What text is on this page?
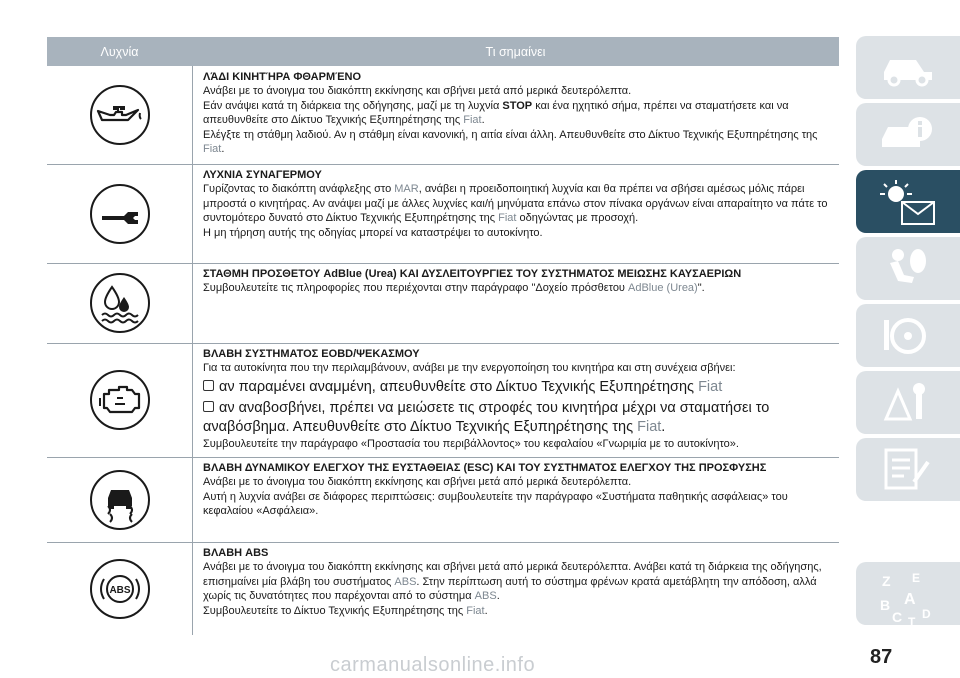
Λυχνία	Τι σημαίνει
ΛΆΔΙ ΚΙΝΗΤΉΡΑ ΦΘΑΡΜΈΝΟ
Ανάβει με το άνοιγμα του διακόπτη εκκίνησης και σβήνει μετά από μερικά δευτερόλεπτα.
Εάν ανάψει κατά τη διάρκεια της οδήγησης, μαζί με τη λυχνία STOP και ένα ηχητικό σήμα, πρέπει να σταματήσετε και να απευθυνθείτε στο Δίκτυο Τεχνικής Εξυπηρέτησης της Fiat.
Ελέγξτε τη στάθμη λαδιού. Αν η στάθμη είναι κανονική, η αιτία είναι άλλη. Απευθυνθείτε στο Δίκτυο Τεχνικής Εξυπηρέτησης της Fiat.
ΛΥΧΝΙΑ ΣΥΝΑΓΕΡΜΟΥ
Γυρίζοντας το διακόπτη ανάφλεξης στο MAR, ανάβει η προειδοποιητική λυχνία και θα πρέπει να σβήσει αμέσως μόλις πάρει μπροστά ο κινητήρας. Αν ανάψει μαζί με άλλες λυχνίες και/ή μηνύματα επάνω στον πίνακα οργάνων είναι απαραίτητο να πάτε το συντομότερο δυνατό στο Δίκτυο Τεχνικής Εξυπηρέτησης της Fiat οδηγώντας με προσοχή.
Η μη τήρηση αυτής της οδηγίας μπορεί να καταστρέψει το αυτοκίνητο.
ΣΤΑΘΜΗ ΠΡΟΣΘΕΤΟΥ AdBlue (Urea) ΚΑΙ ΔΥΣΛΕΙΤΟΥΡΓΙΕΣ ΤΟΥ ΣΥΣΤΗΜΑΤΟΣ ΜΕΙΩΣΗΣ ΚΑΥΣΑΕΡΙΩΝ
Συμβουλευτείτε τις πληροφορίες που περιέχονται στην παράγραφο "Δοχείο πρόσθετου AdBlue (Urea)".
ΒΛΑΒΗ ΣΥΣΤΗΜΑΤΟΣ EOBD/ΨΕΚΑΣΜΟΥ
Για τα αυτοκίνητα που την περιλαμβάνουν, ανάβει με την ενεργοποίηση του κινητήρα και στη συνέχεια σβήνει:
αν παραμένει αναμμένη, απευθυνθείτε στο Δίκτυο Τεχνικής Εξυπηρέτησης Fiat
αν αναβοσβήνει, πρέπει να μειώσετε τις στροφές του κινητήρα μέχρι να σταματήσει το αναβόσβημα. Απευθυνθείτε στο Δίκτυο Τεχνικής Εξυπηρέτησης της Fiat.
Συμβουλευτείτε την παράγραφο «Προστασία του περιβάλλοντος» του κεφαλαίου «Γνωριμία με το αυτοκίνητο».
ΒΛΑΒΗ ΔΥΝΑΜΙΚΟΥ ΕΛΕΓΧΟΥ ΤΗΣ ΕΥΣΤΑΘΕΙΑΣ (ESC) ΚΑΙ ΤΟΥ ΣΥΣΤΗΜΑΤΟΣ ΕΛΕΓΧΟΥ ΤΗΣ ΠΡΟΣΦΥΣΗΣ
Ανάβει με το άνοιγμα του διακόπτη εκκίνησης και σβήνει μετά από μερικά δευτερόλεπτα.
Αυτή η λυχνία ανάβει σε διάφορες περιπτώσεις: συμβουλευτείτε την παράγραφο «Συστήματα παθητικής ασφάλειας» του κεφαλαίου «Ασφάλεια».
ABS
ΒΛΑΒΗ ABS
Ανάβει με το άνοιγμα του διακόπτη εκκίνησης και σβήνει μετά από μερικά δευτερόλεπτα. Ανάβει κατά τη διάρκεια της οδήγησης, επισημαίνει μία βλάβη του συστήματος ABS. Στην περίπτωση αυτή το σύστημα φρένων κρατά αμετάβλητη την απόδοση, αλλά χωρίς τις δυνατότητες που παρέχονται από το σύστημα ABS.
Συμβουλευτείτε το Δίκτυο Τεχνικής Εξυπηρέτησης της Fiat.
Z E
B A
C T
D
87
carmanualsonline.info
